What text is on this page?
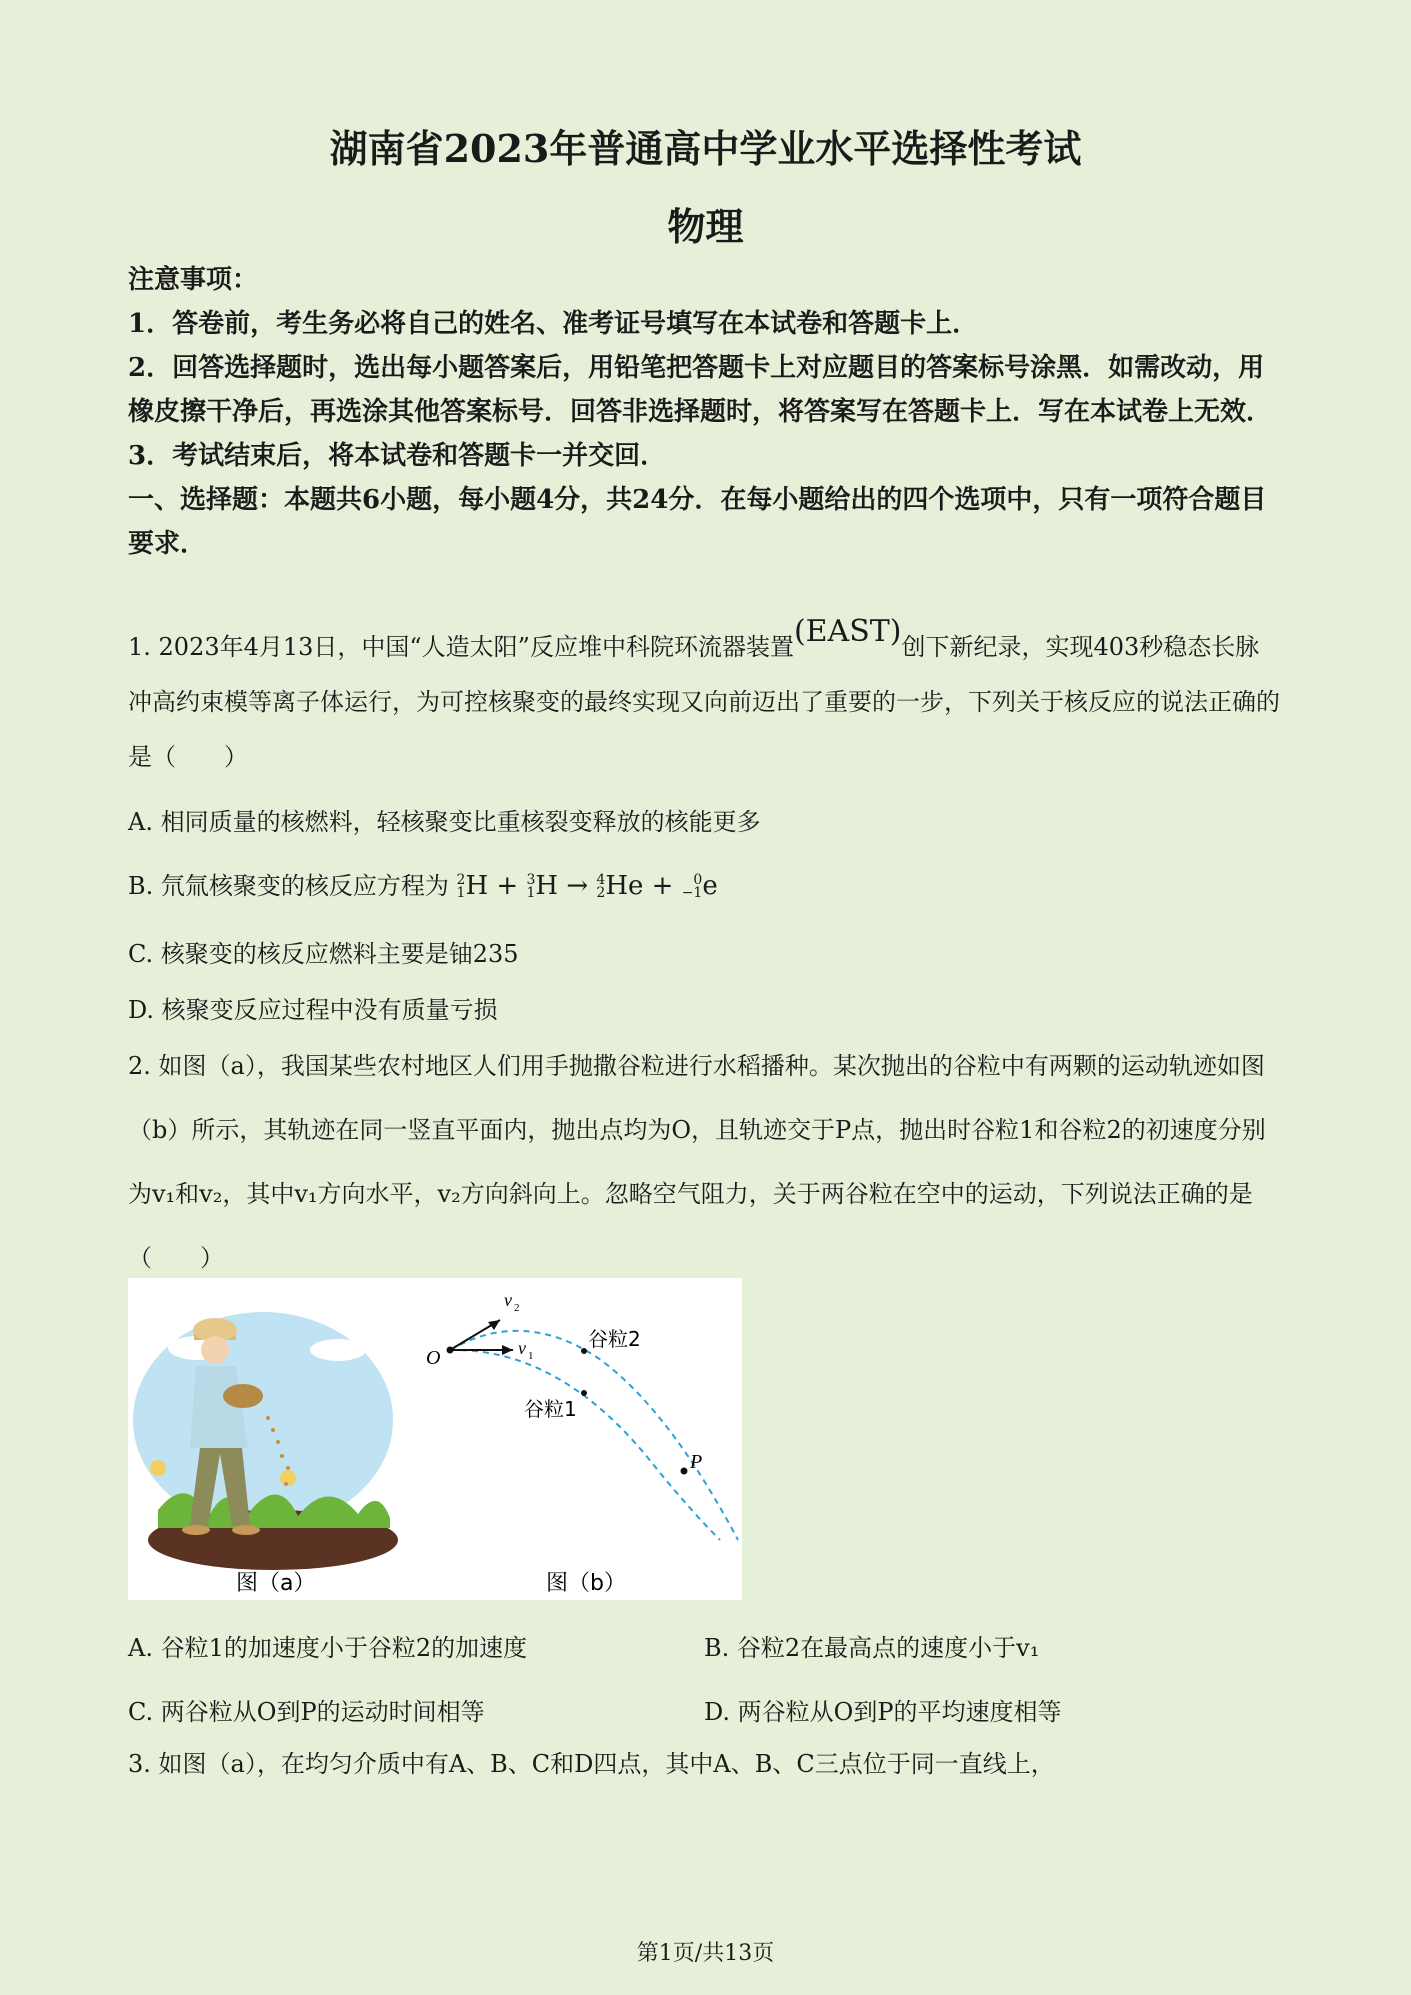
湖南省2023年普通高中学业水平选择性考试
物理

注意事项：

1．答卷前，考生务必将自己的姓名、准考证号填写在本试卷和答题卡上．

2．回答选择题时，选出每小题答案后，用铅笔把答题卡上对应题目的答案标号涂黑．如需改动，用橡皮擦干净后，再选涂其他答案标号．回答非选择题时，将答案写在答题卡上．写在本试卷上无效．

3．考试结束后，将本试卷和答题卡一并交回．

一、选择题：本题共6小题，每小题4分，共24分．在每小题给出的四个选项中，只有一项符合题目要求．

1. 2023年4月13日，中国“人造太阳”反应堆中科院环流器装置(EAST)创下新纪录，实现403秒稳态长脉冲高约束模等离子体运行，为可控核聚变的最终实现又向前迈出了重要的一步，下列关于核反应的说法正确的是（　　）
A. 相同质量的核燃料，轻核聚变比重核裂变释放的核能更多
B. 氘氚核聚变的核反应方程为 2
1H + 3
1H → 4
2He + 0
−1e
C. 核聚变的核反应燃料主要是铀235
D. 核聚变反应过程中没有质量亏损
2. 如图（a），我国某些农村地区人们用手抛撒谷粒进行水稻播种。某次抛出的谷粒中有两颗的运动轨迹如图（b）所示，其轨迹在同一竖直平面内，抛出点均为O，且轨迹交于P点，抛出时谷粒1和谷粒2的初速度分别为v₁和v₂，其中v₁方向水平，v₂方向斜向上。忽略空气阻力，关于两谷粒在空中的运动，下列说法正确的是（　　）
O
P
v 2
v 1
谷粒2
谷粒1
图（a）	图（b）
A. 谷粒1的加速度小于谷粒2的加速度	B. 谷粒2在最高点的速度小于v₁
C. 两谷粒从O到P的运动时间相等	D. 两谷粒从O到P的平均速度相等
3. 如图（a），在均匀介质中有A、B、C和D四点，其中A、B、C三点位于同一直线上，
第1页/共13页
